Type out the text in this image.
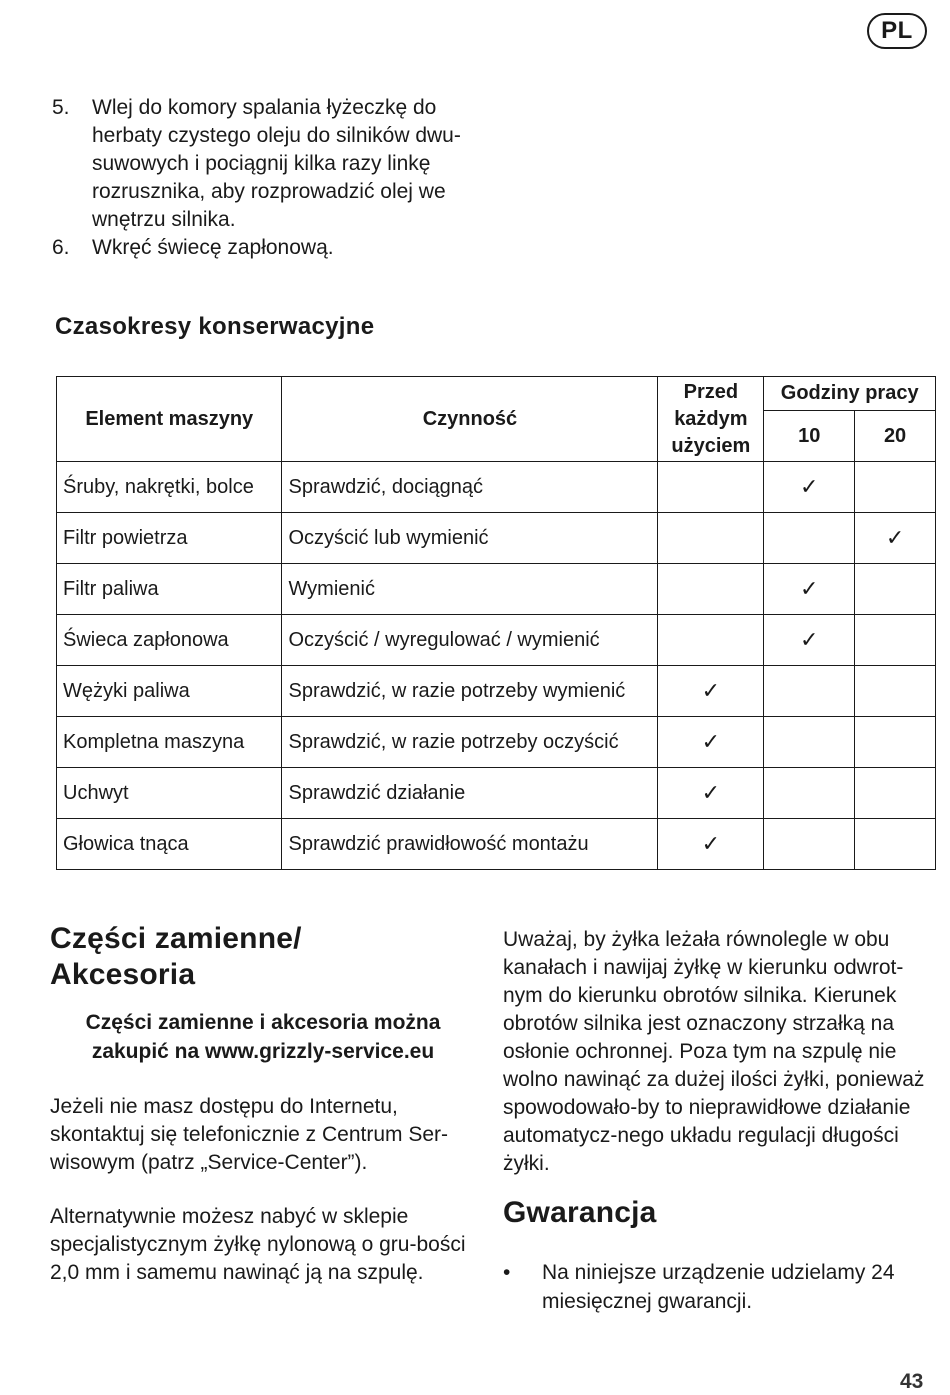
PL
5.	Wlej do komory spalania łyżeczkę do herbaty czystego oleju do silników dwu-suwowych i pociągnij kilka razy linkę rozrusznika, aby rozprowadzić olej we wnętrzu silnika.
6.	Wkręć świecę zapłonową.
Czasokresy konserwacyjne
Element maszyny	Czynność	Przed każdym użyciem	Godziny pracy	
			10	20
Śruby, nakrętki, bolce	Sprawdzić, dociągnąć		✓	
Filtr powietrza	Oczyścić lub wymienić			✓
Filtr paliwa	Wymienić		✓	
Świeca zapłonowa	Oczyścić / wyregulować / wymienić		✓	
Wężyki paliwa	Sprawdzić, w razie potrzeby wymienić	✓		
Kompletna maszyna	Sprawdzić, w razie potrzeby oczyścić	✓		
Uchwyt	Sprawdzić działanie	✓		
Głowica tnąca	Sprawdzić prawidłowość montażu	✓		
Części zamienne/
Akcesoria
Części zamienne i akcesoria można zakupić na www.grizzly-service.eu
Jeżeli nie masz dostępu do Internetu, skontaktuj się telefonicznie z Centrum Ser-wisowym (patrz „Service-Center”).
Alternatywnie możesz nabyć w sklepie specjalistycznym żyłkę nylonową o gru-bości 2,0 mm i samemu nawinąć ją na szpulę.
Uważaj, by żyłka leżała równolegle w obu kanałach i nawijaj żyłkę w kierunku odwrot-nym do kierunku obrotów silnika. Kierunek obrotów silnika jest oznaczony strzałką na osłonie ochronnej. Poza tym na szpulę nie wolno nawinąć za dużej ilości żyłki, ponieważ spowodowało-by to nieprawidłowe działanie automatycz-nego układu regulacji długości żyłki.
Gwarancja
•	Na niniejsze urządzenie udzielamy 24 miesięcznej gwarancji.
43
